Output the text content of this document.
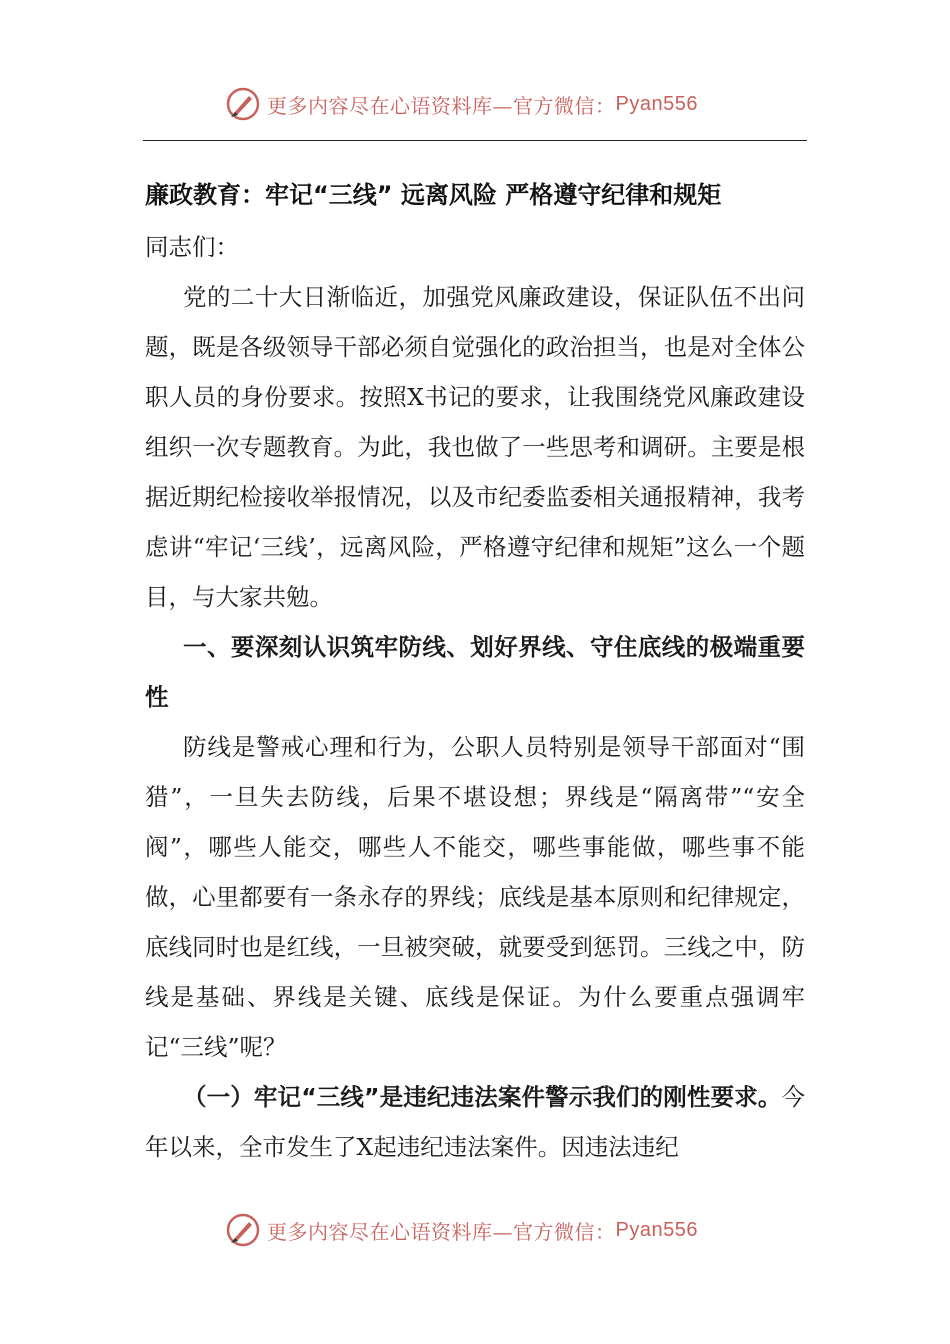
更多内容尽在心语资料库—官方微信： Pyan556
廉政教育：牢记“三线” 远离风险 严格遵守纪律和规矩

同志们：

党的二十大日渐临近，加强党风廉政建设，保证队伍不出问题，既是各级领导干部必须自觉强化的政治担当，也是对全体公职人员的身份要求。按照X书记的要求，让我围绕党风廉政建设组织一次专题教育。为此，我也做了一些思考和调研。主要是根据近期纪检接收举报情况，以及市纪委监委相关通报精神，我考虑讲“牢记‘三线’，远离风险，严格遵守纪律和规矩”这么一个题目，与大家共勉。

一、要深刻认识筑牢防线、划好界线、守住底线的极端重要性

防线是警戒心理和行为，公职人员特别是领导干部面对“围猎”，一旦失去防线，后果不堪设想；界线是“隔离带”“安全阀”，哪些人能交，哪些人不能交，哪些事能做，哪些事不能做，心里都要有一条永存的界线；底线是基本原则和纪律规定，底线同时也是红线，一旦被突破，就要受到惩罚。三线之中，防线是基础、界线是关键、底线是保证。为什么要重点强调牢记“三线”呢？

（一）牢记“三线”是违纪违法案件警示我们的刚性要求。今年以来，全市发生了X起违纪违法案件。因违法违纪

更多内容尽在心语资料库—官方微信： Pyan556
